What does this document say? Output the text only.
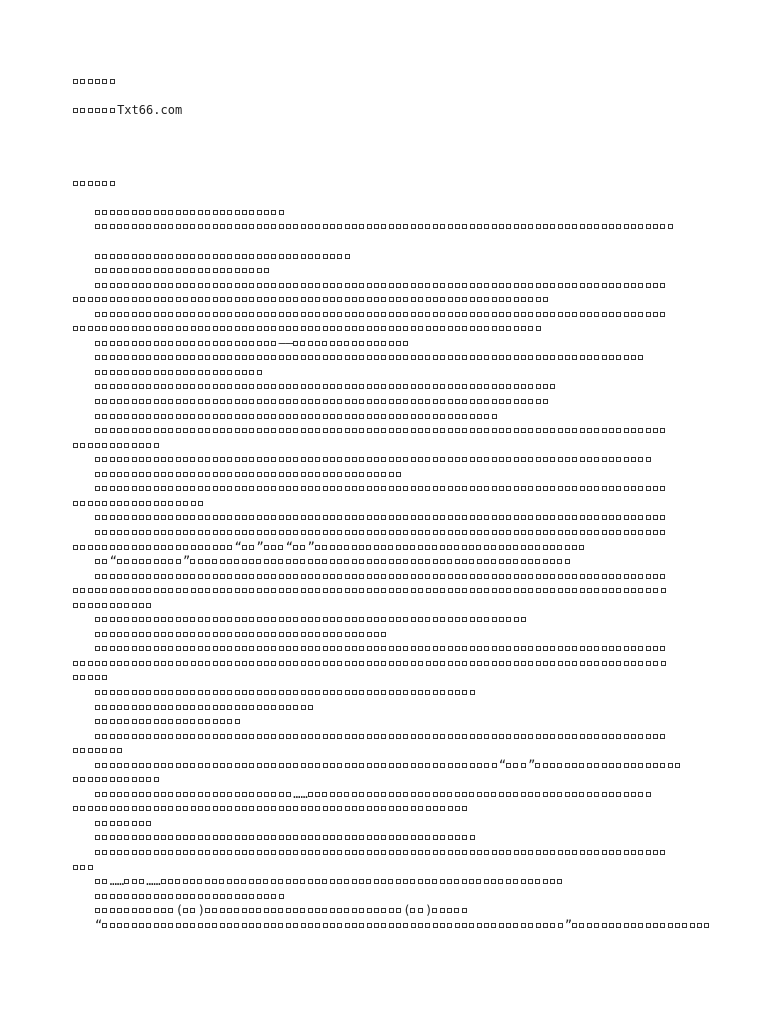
Txt66.com
——
“ ” “ ”
“	”
“ ”
……
…… ……
( )	( )
“	”
